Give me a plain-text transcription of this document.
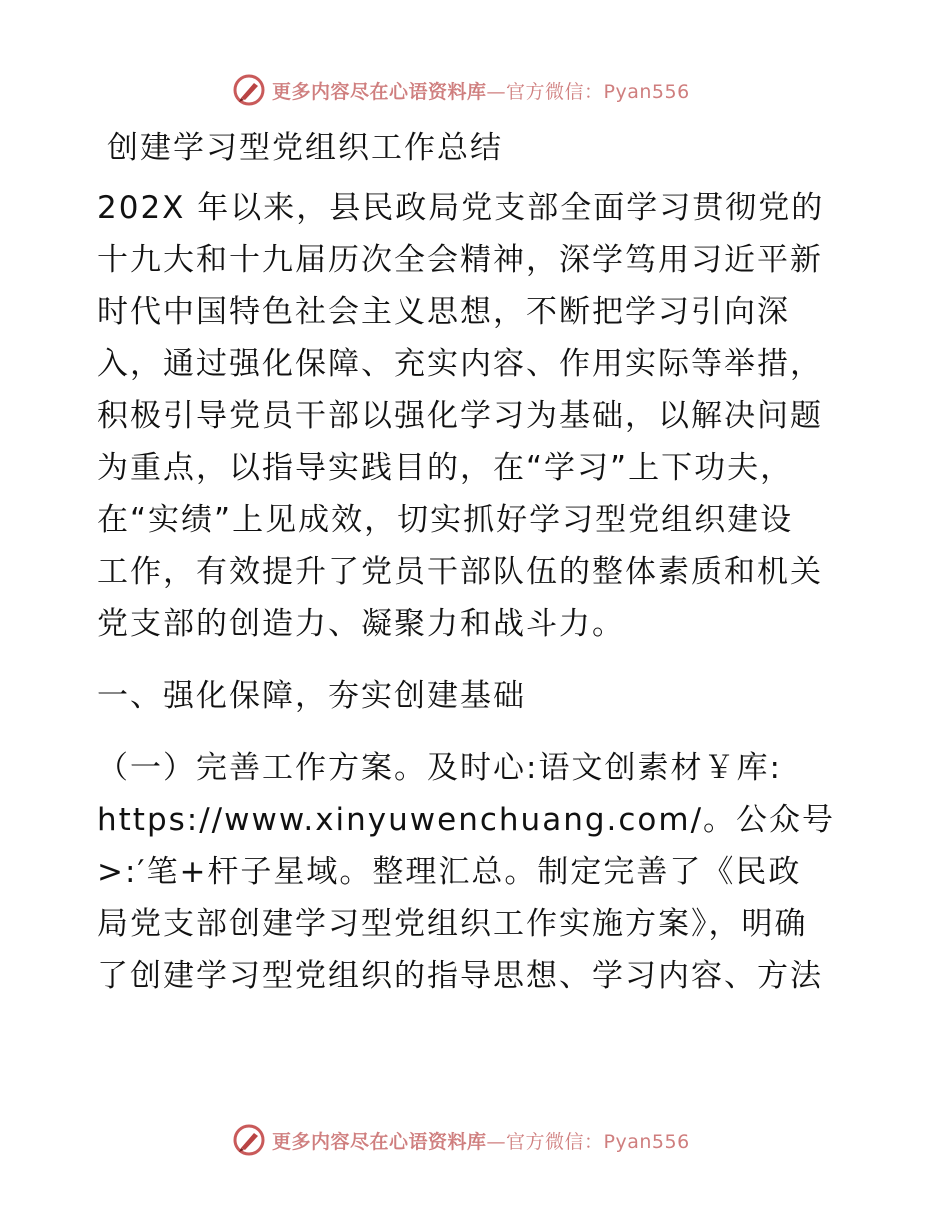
更多内容尽在心语资料库—官方微信：Pyan556
创建学习型党组织工作总结
202X 年以来，县民政局党支部全面学习贯彻党的
十九大和十九届历次全会精神，深学笃用习近平新
时代中国特色社会主义思想，不断把学习引向深
入，通过强化保障、充实内容、作用实际等举措，
积极引导党员干部以强化学习为基础，以解决问题
为重点，以指导实践目的，在“学习”上下功夫，
在“实绩”上见成效，切实抓好学习型党组织建设
工作，有效提升了党员干部队伍的整体素质和机关
党支部的创造力、凝聚力和战斗力。
一、强化保障，夯实创建基础
（一）完善工作方案。及时心:语文创素材￥库:
https://www.xinyuwenchuang.com/。公众号
>:′笔+杆子星域。整理汇总。制定完善了《民政
局党支部创建学习型党组织工作实施方案》，明确
了创建学习型党组织的指导思想、学习内容、方法
更多内容尽在心语资料库—官方微信：Pyan556
